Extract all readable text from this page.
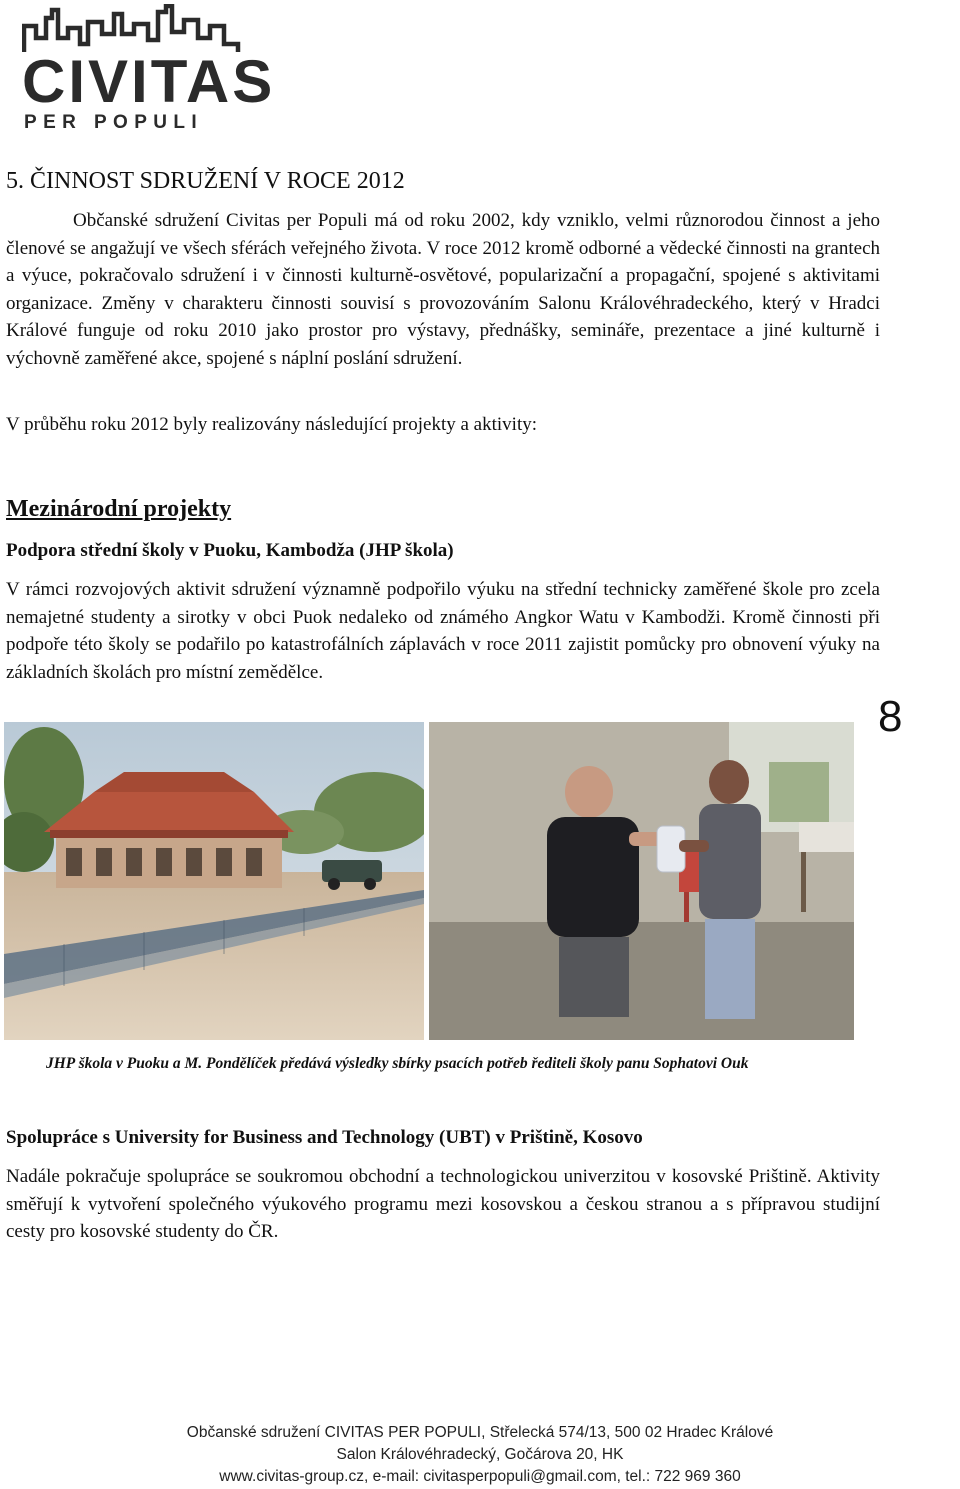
CIVITAS
PER POPULI
5. ČINNOST SDRUŽENÍ V ROCE 2012

Občanské sdružení Civitas per Populi má od roku 2002, kdy vzniklo, velmi různorodou činnost a jeho členové se angažují ve všech sférách veřejného života. V roce 2012 kromě odborné a vědecké činnosti na grantech a výuce, pokračovalo sdružení i v činnosti kulturně-osvětové, popularizační a propagační, spojené s aktivitami organizace. Změny v charakteru činnosti souvisí s provozováním Salonu Královéhradeckého, který v Hradci Králové funguje od roku 2010 jako prostor pro výstavy, přednášky, semináře, prezentace a jiné kulturně i výchovně zaměřené akce, spojené s náplní poslání sdružení.

V průběhu roku 2012 byly realizovány následující projekty a aktivity:
Mezinárodní projekty
Podpora střední školy v Puoku, Kambodža (JHP škola)

V rámci rozvojových aktivit sdružení významně podpořilo výuku na střední technicky zaměřené škole pro zcela nemajetné studenty a sirotky v obci Puok nedaleko od známého Angkor Watu v Kambodži. Kromě činnosti při podpoře této školy se podařilo po katastrofálních záplavách v roce 2011 zajistit pomůcky pro obnovení výuky na základních školách pro místní zemědělce.

8
JHP škola v Puoku a M. Pondělíček předává výsledky sbírky psacích potřeb řediteli školy panu Sophatovi Ouk
Spolupráce s University for Business and Technology (UBT) v Prištině, Kosovo

Nadále pokračuje spolupráce se soukromou obchodní a technologickou univerzitou v kosovské Prištině. Aktivity směřují k vytvoření společného výukového programu mezi kosovskou a českou stranou a s přípravou studijní cesty pro kosovské studenty do ČR.

Občanské sdružení CIVITAS PER POPULI, Střelecká 574/13, 500 02 Hradec Králové
Salon Královéhradecký, Gočárova 20, HK
www.civitas-group.cz, e-mail: civitasperpopuli@gmail.com, tel.: 722 969 360
